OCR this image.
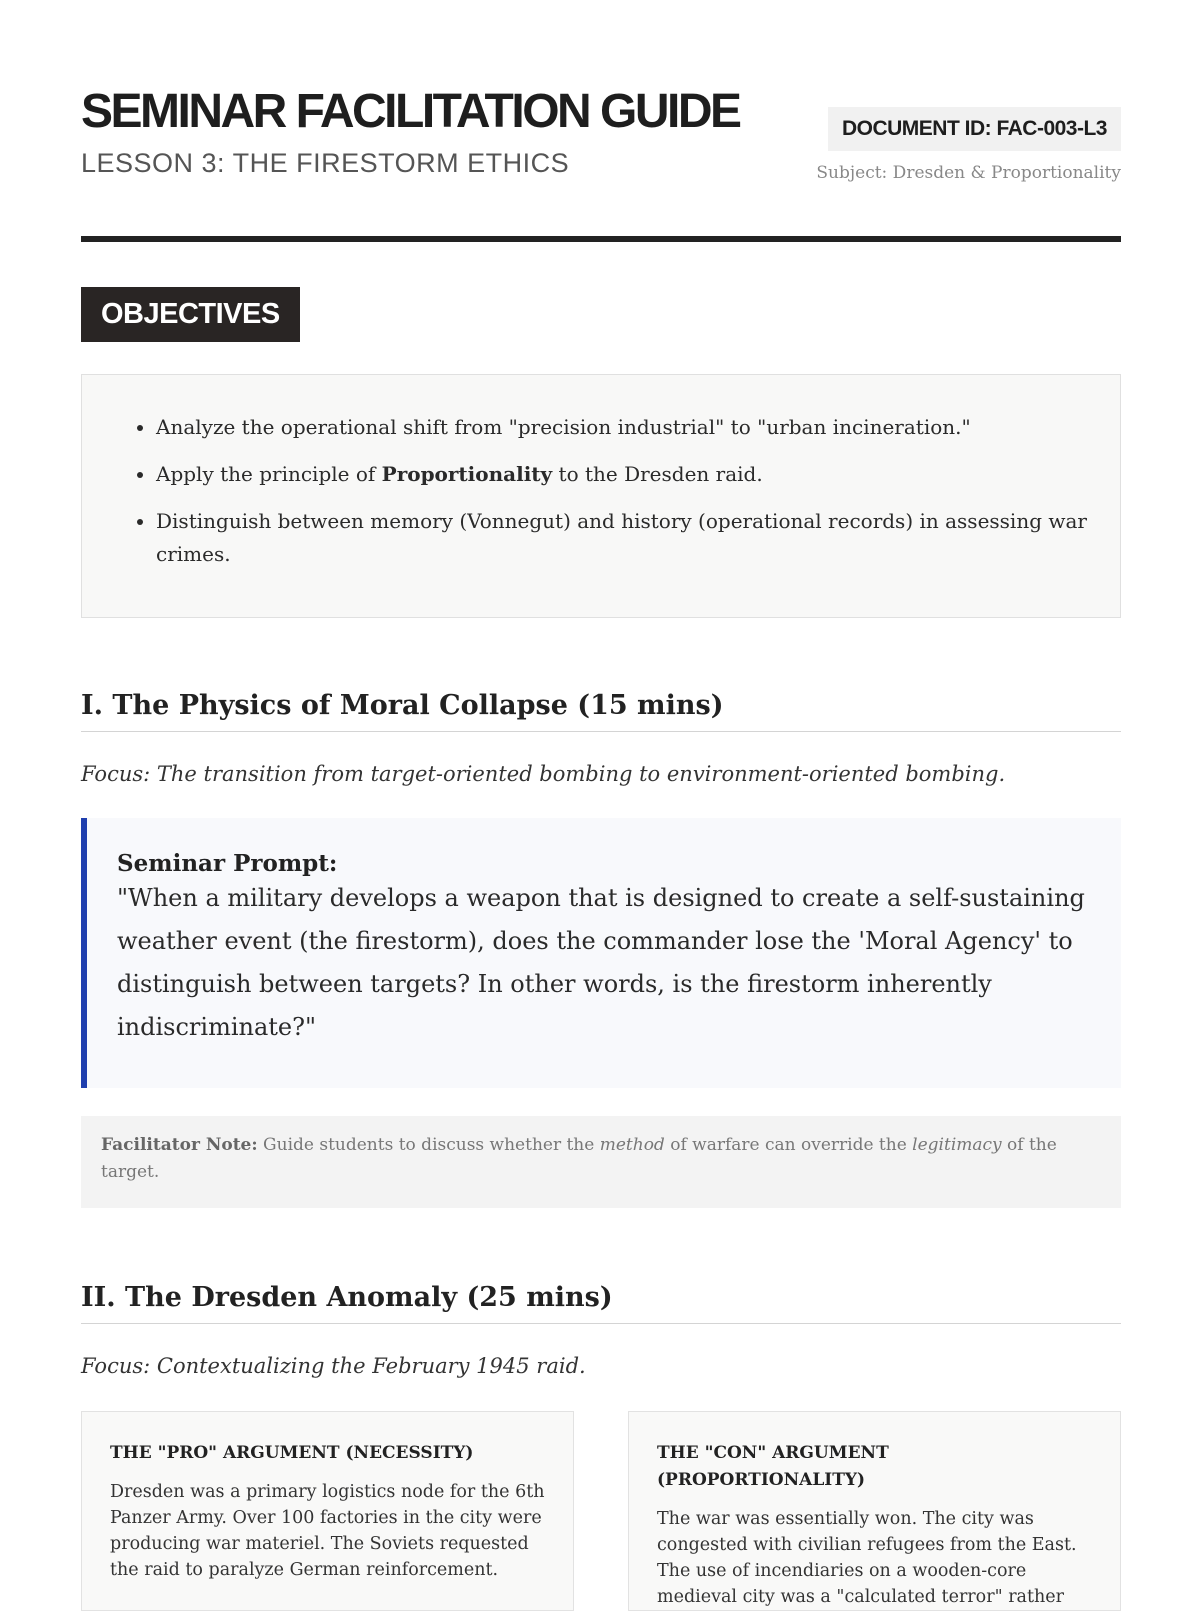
SEMINAR FACILITATION GUIDE
LESSON 3: THE FIRESTORM ETHICS
DOCUMENT ID: FAC-003-L3
Subject: Dresden & Proportionality
OBJECTIVES
• Analyze the operational shift from "precision industrial" to "urban incineration."
• Apply the principle of Proportionality to the Dresden raid.
• Distinguish between memory (Vonnegut) and history (operational records) in assessing war crimes.
I. The Physics of Moral Collapse (15 mins)
Focus: The transition from target-oriented bombing to environment-oriented bombing.
Seminar Prompt:
"When a military develops a weapon that is designed to create a self-sustaining weather event (the firestorm), does the commander lose the 'Moral Agency' to distinguish between targets? In other words, is the firestorm inherently indiscriminate?"
Facilitator Note: Guide students to discuss whether the method of warfare can override the legitimacy of the target.
II. The Dresden Anomaly (25 mins)
Focus: Contextualizing the February 1945 raid.
THE "PRO" ARGUMENT (NECESSITY)

Dresden was a primary logistics node for the 6th Panzer Army. Over 100 factories in the city were producing war materiel. The Soviets requested the raid to paralyze German reinforcement.

THE "CON" ARGUMENT (PROPORTIONALITY)

The war was essentially won. The city was congested with civilian refugees from the East. The use of incendiaries on a wooden-core medieval city was a "calculated terror" rather
